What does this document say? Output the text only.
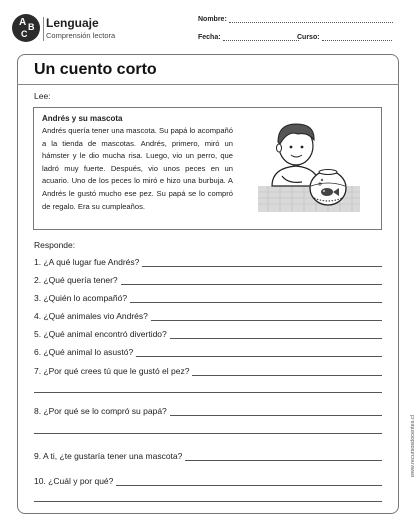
A B
C
Lenguaje
Comprensión lectora
Nombre:
Fecha:	Curso:
Un cuento corto
Lee:
Andrés y su mascota
Andrés quería tener una mascota. Su papá lo acompañó a la tienda de mascotas. Andrés, primero, miró un hámster y le dio mucha risa. Luego, vio un perro, que ladró muy fuerte. Después, vio unos peces en un acuario. Uno de los peces lo miró e hizo una burbuja. A Andrés le gustó mucho ese pez. Su papá se lo compró de regalo. Era su cumpleaños.
Responde:
1. ¿A qué lugar fue Andrés?
2. ¿Qué quería tener?
3. ¿Quién lo acompañó?
4. ¿Qué animales vio Andrés?
5. ¿Qué animal encontró divertido?
6. ¿Qué animal lo asustó?
7. ¿Por qué crees tú que le gustó el pez?
8. ¿Por qué se lo compró su papá?
9. A ti, ¿te gustaría tener una mascota?
10. ¿Cuál y por qué?
www.recursosdocentes.cl
